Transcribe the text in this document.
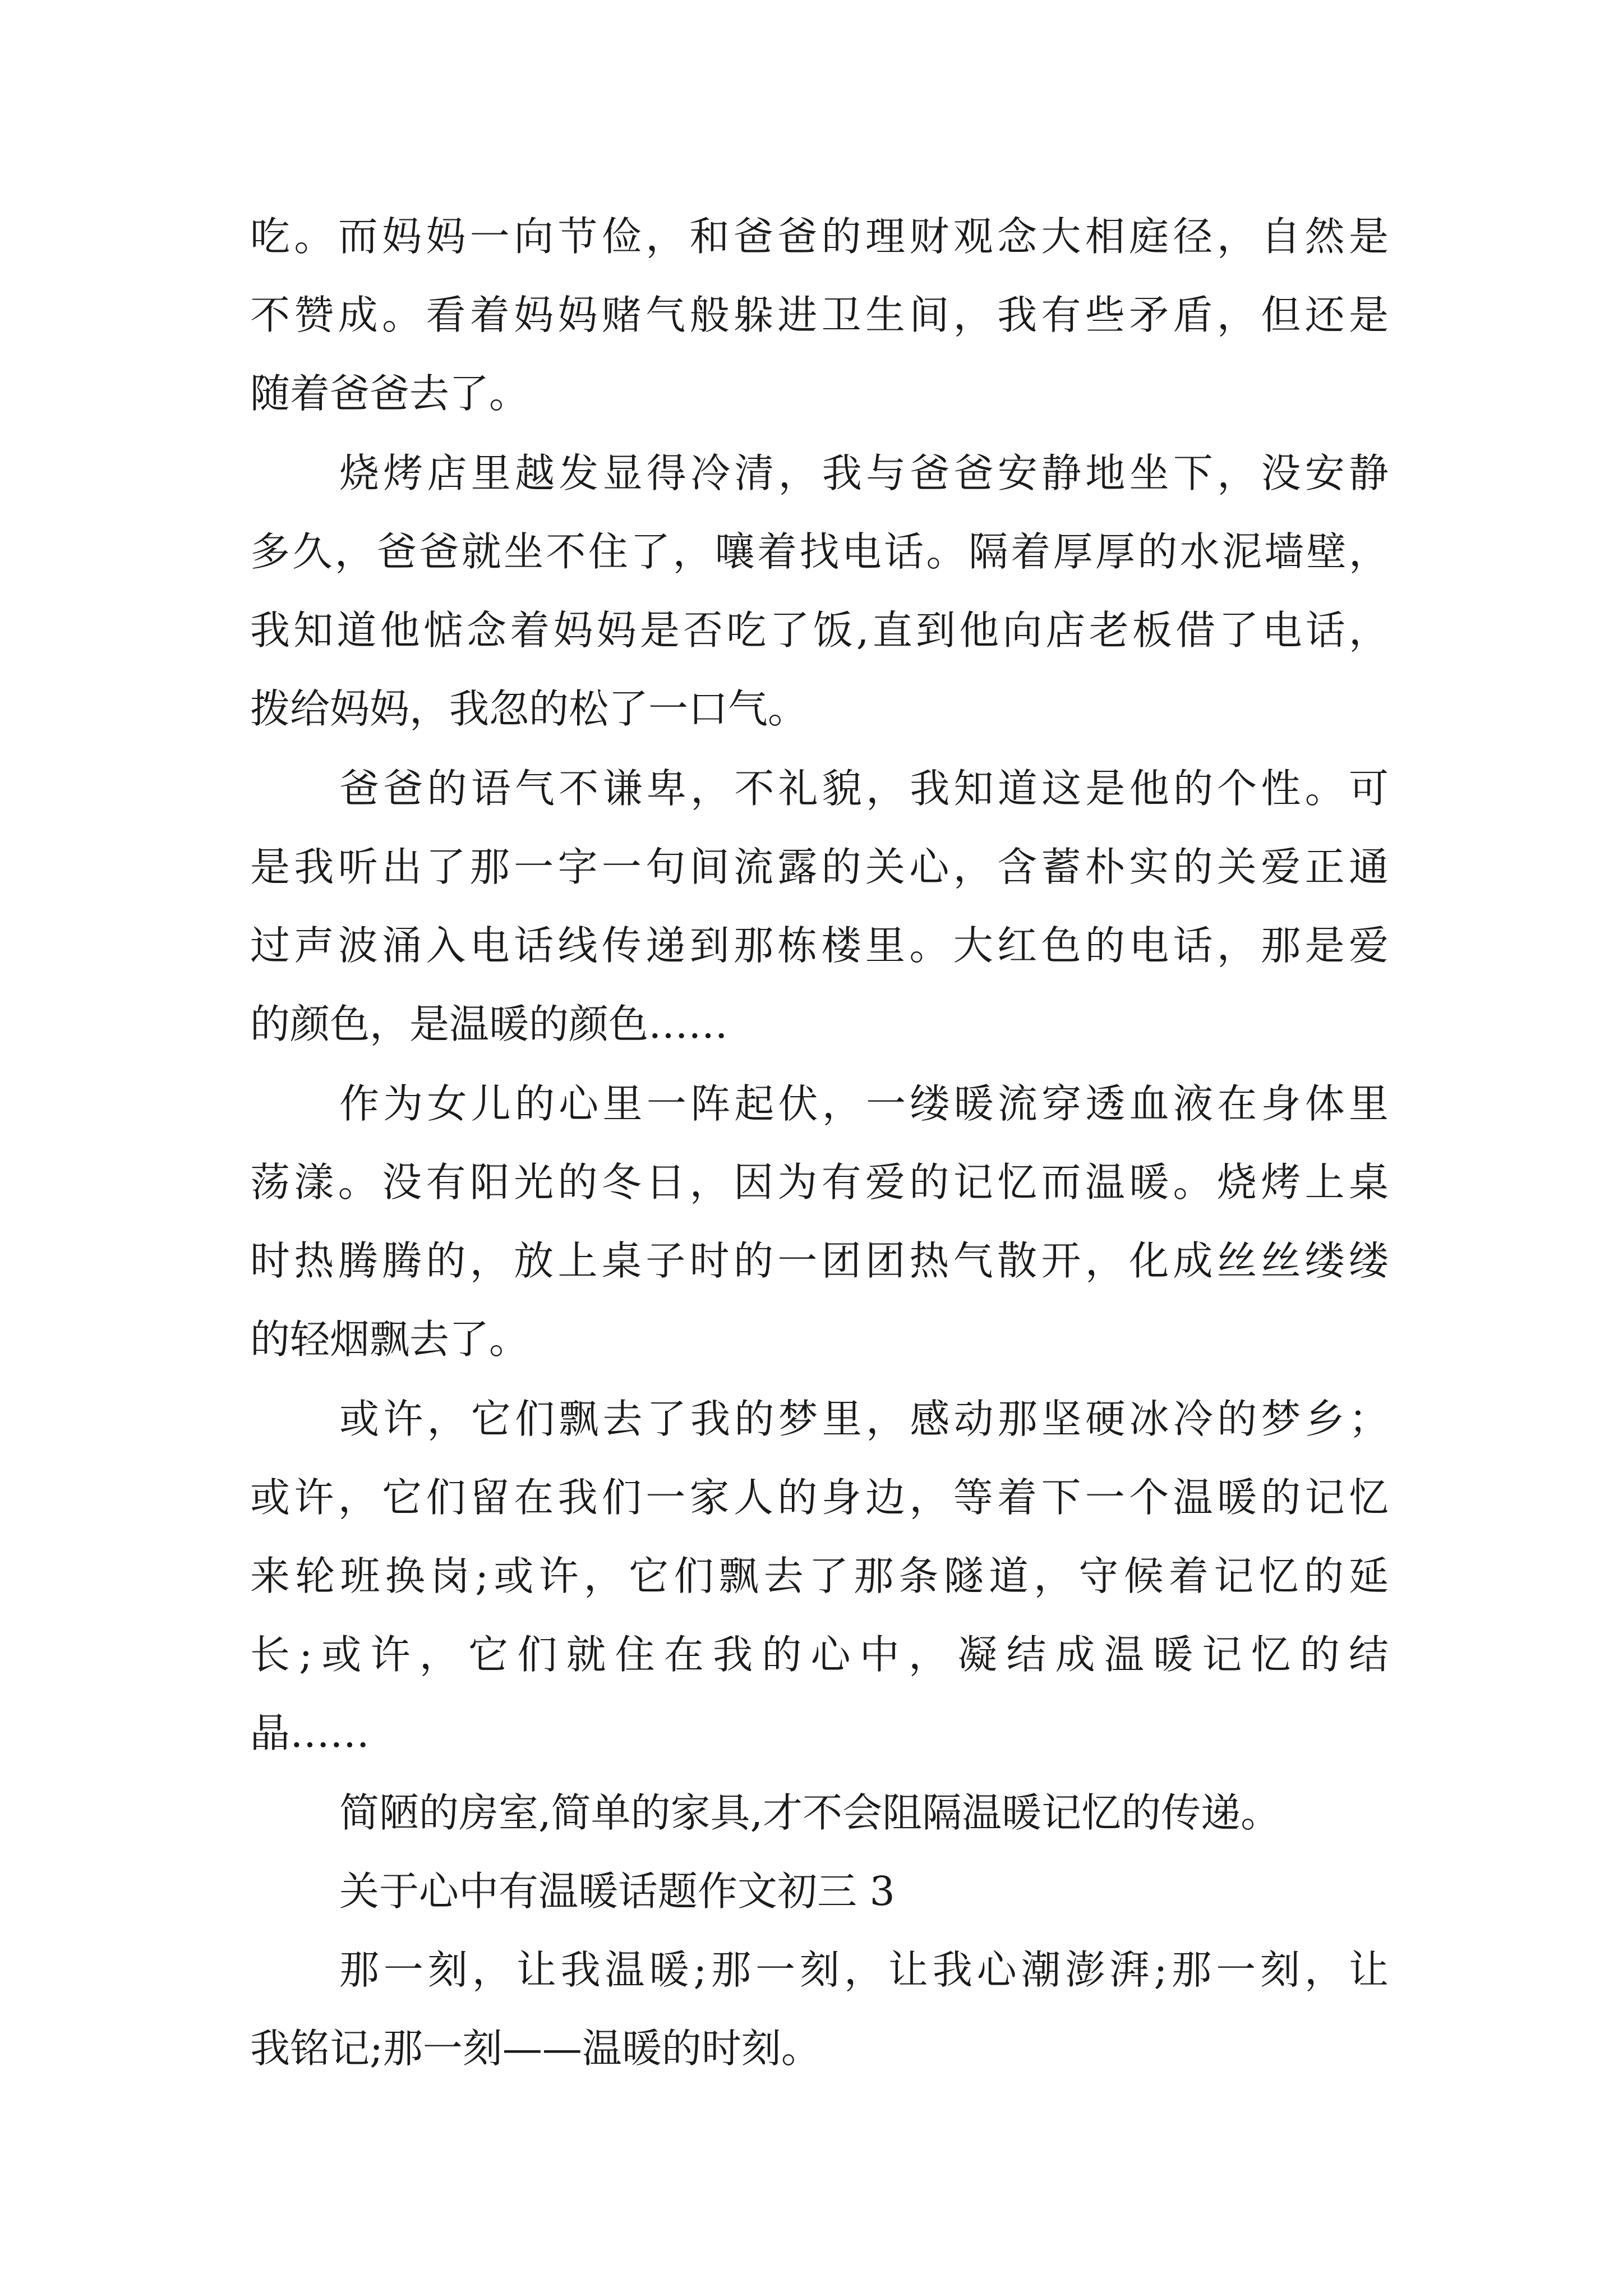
吃。而妈妈一向节俭，和爸爸的理财观念大相庭径，自然是
不赞成。看着妈妈赌气般躲进卫生间，我有些矛盾，但还是
随着爸爸去了。
烧烤店里越发显得冷清，我与爸爸安静地坐下，没安静
多久，爸爸就坐不住了，嚷着找电话。隔着厚厚的水泥墙壁，
我知道他惦念着妈妈是否吃了饭,直到他向店老板借了电话，
拨给妈妈，我忽的松了一口气。
爸爸的语气不谦卑，不礼貌，我知道这是他的个性。可
是我听出了那一字一句间流露的关心，含蓄朴实的关爱正通
过声波涌入电话线传递到那栋楼里。大红色的电话，那是爱
的颜色，是温暖的颜色……
作为女儿的心里一阵起伏，一缕暖流穿透血液在身体里
荡漾。没有阳光的冬日，因为有爱的记忆而温暖。烧烤上桌
时热腾腾的，放上桌子时的一团团热气散开，化成丝丝缕缕
的轻烟飘去了。
或许，它们飘去了我的梦里，感动那坚硬冰冷的梦乡；
或许，它们留在我们一家人的身边，等着下一个温暖的记忆
来轮班换岗;或许，它们飘去了那条隧道，守候着记忆的延
长;或许，它们就住在我的心中，凝结成温暖记忆的结
晶……
简陋的房室,简单的家具,才不会阻隔温暖记忆的传递。
关于心中有温暖话题作文初三 3
那一刻，让我温暖;那一刻，让我心潮澎湃;那一刻，让
我铭记;那一刻——温暖的时刻。
